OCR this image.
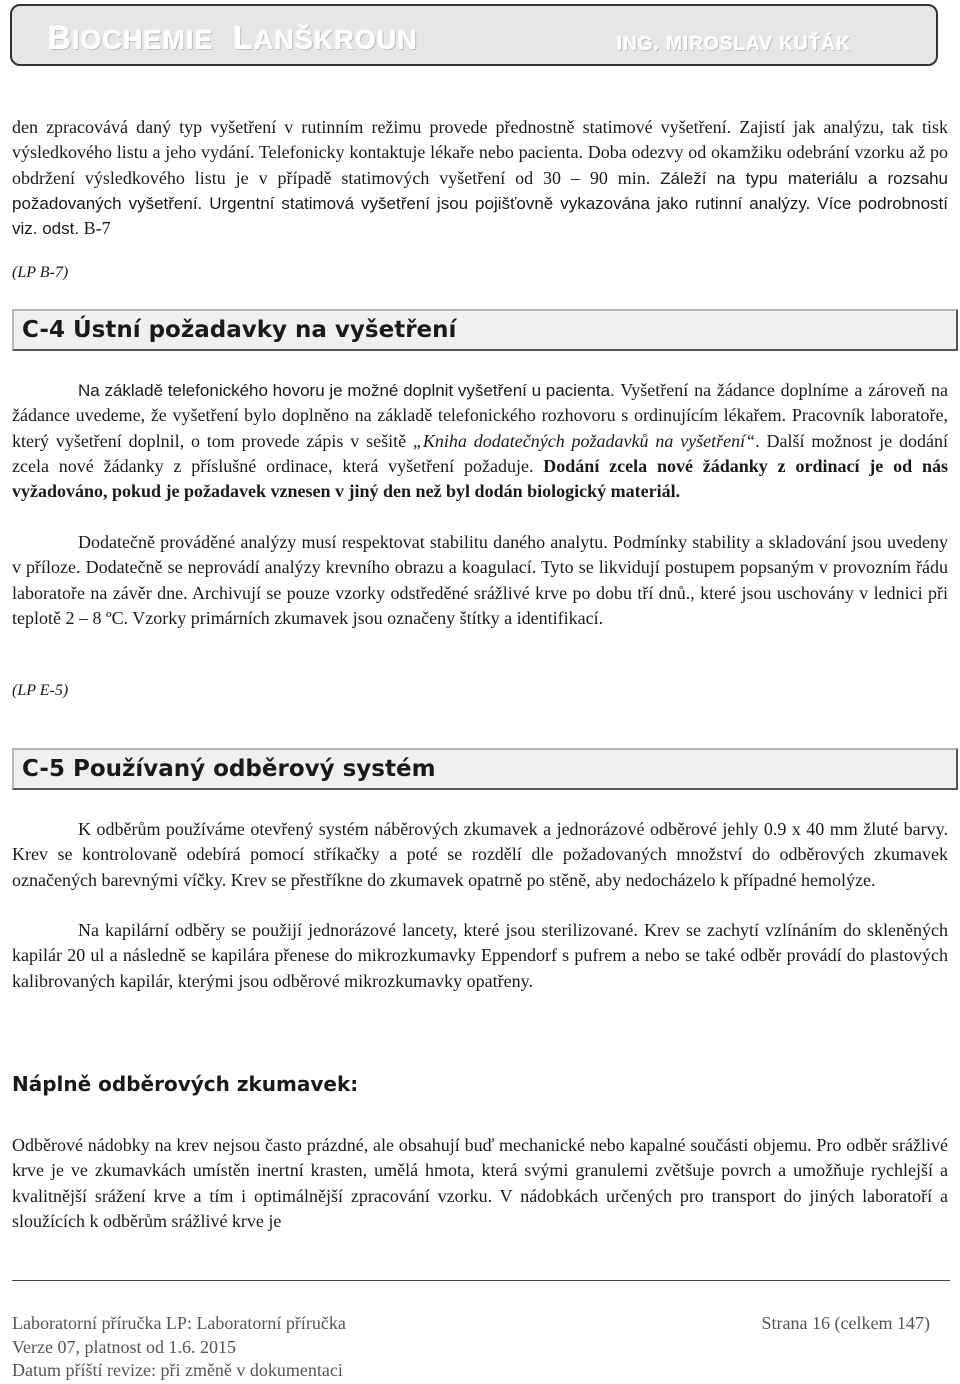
BIOCHEMIE LANŠKROUN	ING. MIROSLAV KUŤÁK
den zpracovává daný typ vyšetření v rutinním režimu provede přednostně statimové vyšetření. Zajistí jak analýzu, tak tisk výsledkového listu a jeho vydání. Telefonicky kontaktuje lékaře nebo pacienta. Doba odezvy od okamžiku odebrání vzorku až po obdržení výsledkového listu je v případě statimových vyšetření od 30 – 90 min. Záleží na typu materiálu a rozsahu požadovaných vyšetření. Urgentní statimová vyšetření jsou pojišťovně vykazována jako rutinní analýzy. Více podrobností viz. odst. B-7
(LP B-7)
C-4 Ústní požadavky na vyšetření
Na základě telefonického hovoru je možné doplnit vyšetření u pacienta. Vyšetření na žádance doplníme a zároveň na žádance uvedeme, že vyšetření bylo doplněno na základě telefonického rozhovoru s ordinujícím lékařem. Pracovník laboratoře, který vyšetření doplnil, o tom provede zápis v sešitě „Kniha dodatečných požadavků na vyšetření“. Další možnost je dodání zcela nové žádanky z příslušné ordinace, která vyšetření požaduje. Dodání zcela nové žádanky z ordinací je od nás vyžadováno, pokud je požadavek vznesen v jiný den než byl dodán biologický materiál.
Dodatečně prováděné analýzy musí respektovat stabilitu daného analytu. Podmínky stability a skladování jsou uvedeny v příloze. Dodatečně se neprovádí analýzy krevního obrazu a koagulací. Tyto se likvidují postupem popsaným v provozním řádu laboratoře na závěr dne. Archivují se pouze vzorky odstředěné srážlivé krve po dobu tří dnů., které jsou uschovány v lednici při teplotě 2 – 8 ºC. Vzorky primárních zkumavek jsou označeny štítky a identifikací.
(LP E-5)
C-5 Používaný odběrový systém
K odběrům používáme otevřený systém náběrových zkumavek a jednorázové odběrové jehly 0.9 x 40 mm žluté barvy. Krev se kontrolovaně odebírá pomocí stříkačky a poté se rozdělí dle požadovaných množství do odběrových zkumavek označených barevnými víčky. Krev se přestříkne do zkumavek opatrně po stěně, aby nedocházelo k případné hemolýze.
Na kapilární odběry se použijí jednorázové lancety, které jsou sterilizované. Krev se zachytí vzlínáním do skleněných kapilár 20 ul a následně se kapilára přenese do mikrozkumavky Eppendorf s pufrem a nebo se také odběr provádí do plastových kalibrovaných kapilár, kterými jsou odběrové mikrozkumavky opatřeny.
Náplně odběrových zkumavek:
Odběrové nádobky na krev nejsou často prázdné, ale obsahují buď mechanické nebo kapalné součásti objemu. Pro odběr srážlivé krve je ve zkumavkách umístěn inertní krasten, umělá hmota, která svými granulemi zvětšuje povrch a umožňuje rychlejší a kvalitnější srážení krve a tím i optimálnější zpracování vzorku. V nádobkách určených pro transport do jiných laboratoří a sloužících k odběrům srážlivé krve je
Laboratorní příručka LP: Laboratorní příručka	Strana 16 (celkem 147)
Verze 07, platnost od 1.6. 2015
Datum příští revize: při změně v dokumentaci
